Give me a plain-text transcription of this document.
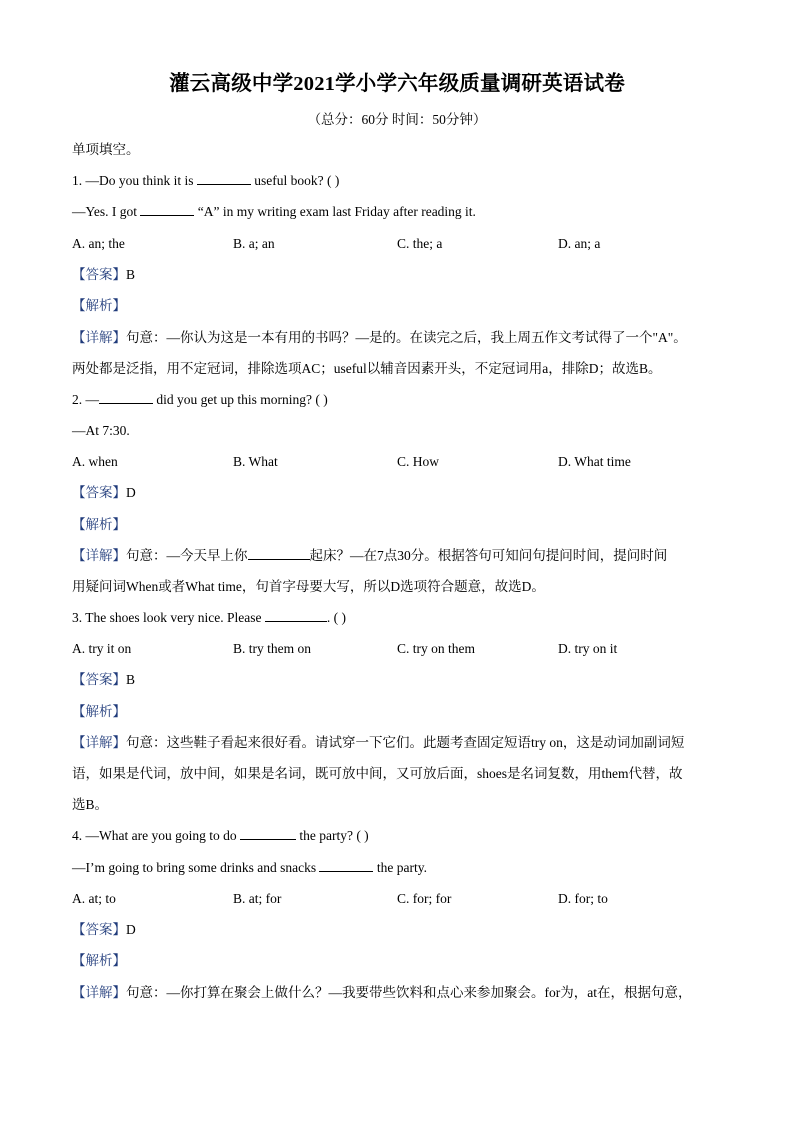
灌云高级中学2021学小学六年级质量调研英语试卷
（总分：60分 时间：50分钟）
单项填空。
1. —Do you think it is	useful book? ( )
—Yes. I got	“A” in my writing exam last Friday after reading it.
A. an; the	B. a; an	C. the; a	D. an; a
【答案】B
【解析】
【详解】句意：—你认为这是一本有用的书吗？—是的。在读完之后，我上周五作文考试得了一个"A"。
两处都是泛指，用不定冠词，排除选项AC；useful以辅音因素开头，不定冠词用a，排除D；故选B。
2. —	did you get up this morning? ( )
—At 7:30.
A. when	B. What	C. How	D. What time
【答案】D
【解析】
【详解】句意：—今天早上你	起床？—在7点30分。根据答句可知问句提问时间，提问时间
用疑问词When或者What time，句首字母要大写，所以D选项符合题意，故选D。
3. The shoes look very nice. Please	. ( )
A. try it on	B. try them on	C. try on them	D. try on it
【答案】B
【解析】
【详解】句意：这些鞋子看起来很好看。请试穿一下它们。此题考查固定短语try on，这是动词加副词短
语，如果是代词，放中间，如果是名词，既可放中间，又可放后面，shoes是名词复数，用them代替，故
选B。
4. —What are you going to do	the party? ( )
—I’m going to bring some drinks and snacks	the party.
A. at; to	B. at; for	C. for; for	D. for; to
【答案】D
【解析】
【详解】句意：—你打算在聚会上做什么？—我要带些饮料和点心来参加聚会。for为，at在，根据句意，
